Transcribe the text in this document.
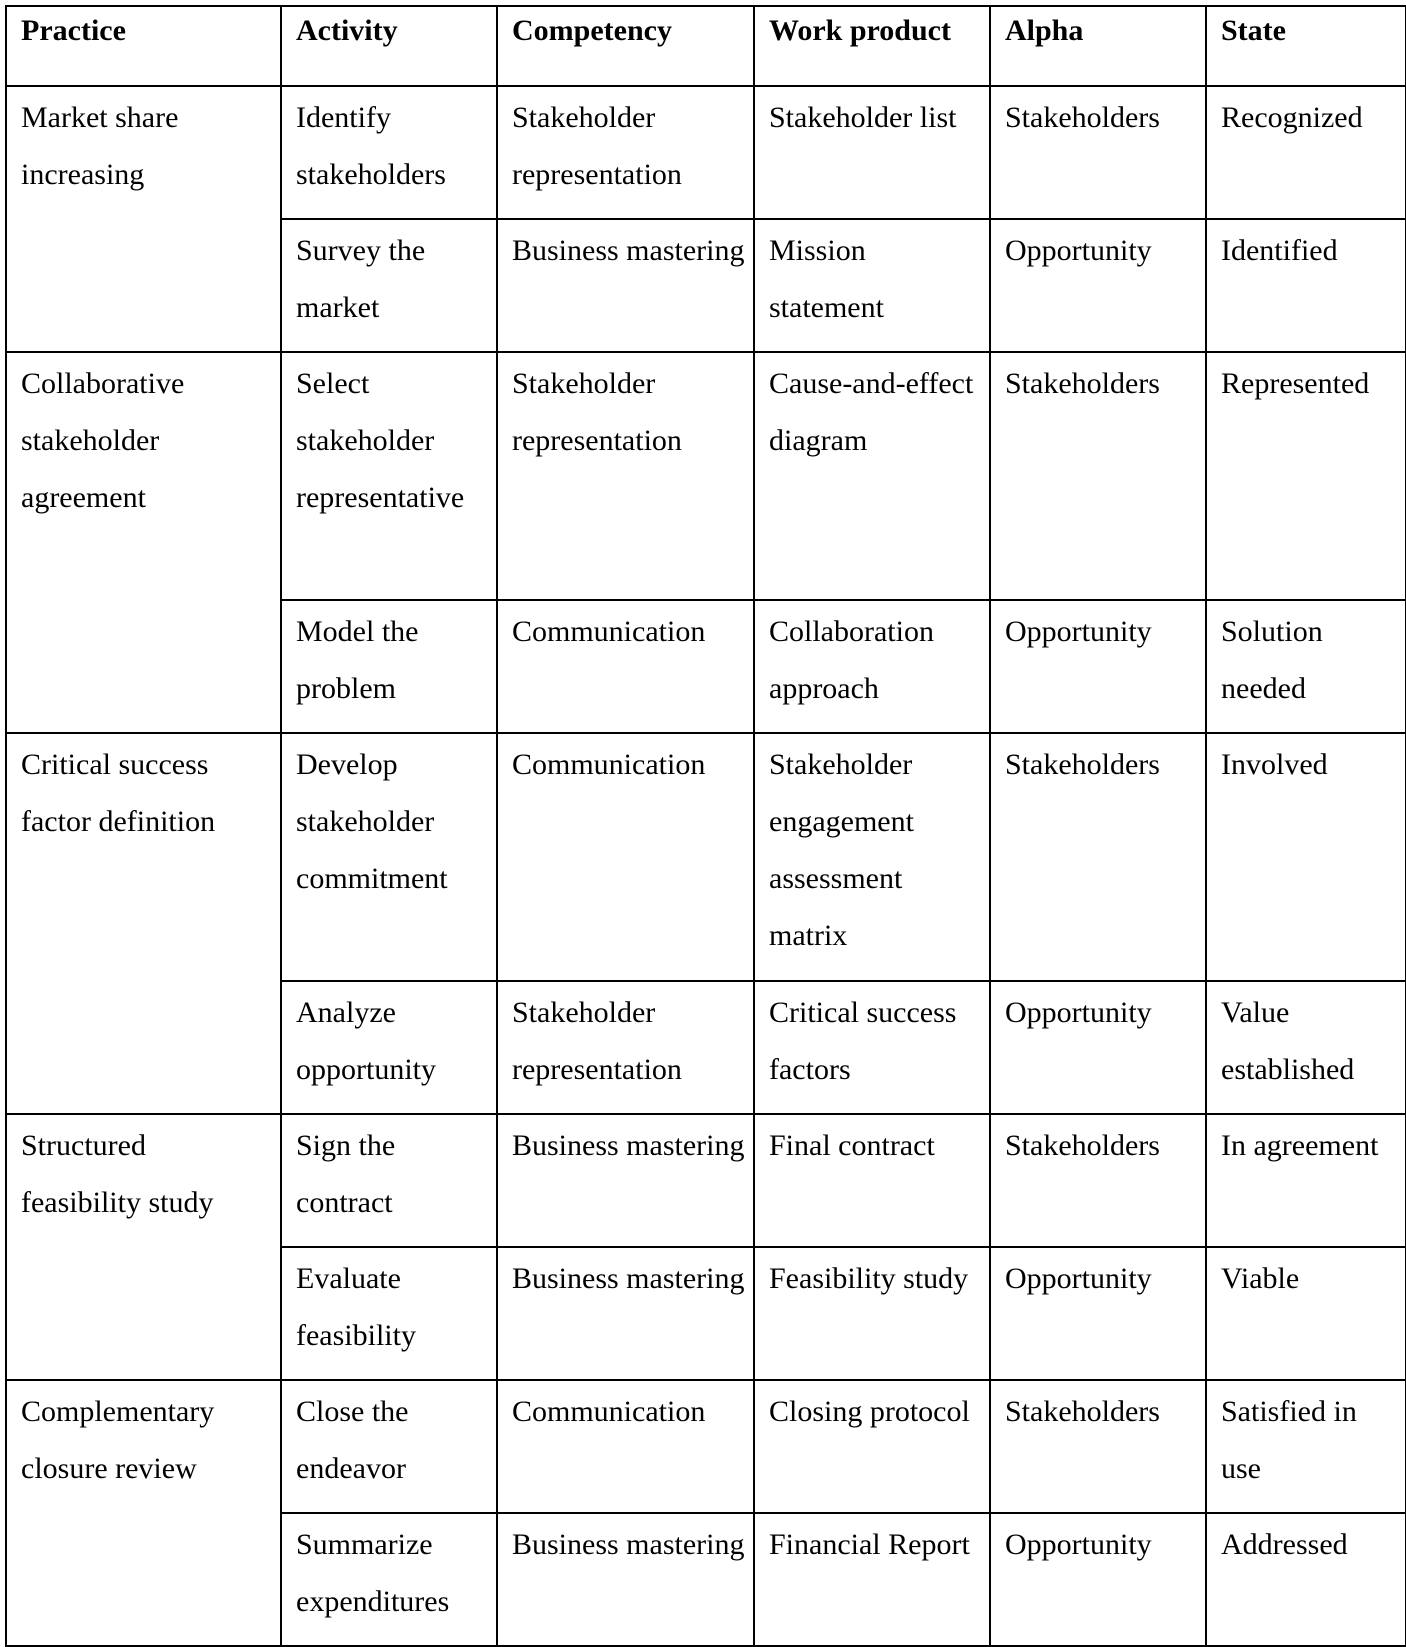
Practice	Activity	Competency	Work product	Alpha	State
Market share increasing	Identify stakeholders	Stakeholder representation	Stakeholder list	Stakeholders	Recognized
	Survey the market	Business mastering	Mission statement	Opportunity	Identified
Collaborative stakeholder agreement	Select stakeholder representative	Stakeholder representation	Cause-and-effect diagram	Stakeholders	Represented
	Model the problem	Communication	Collaboration approach	Opportunity	Solution needed
Critical success factor definition	Develop stakeholder commitment	Communication	Stakeholder engagement assessment matrix	Stakeholders	Involved
	Analyze opportunity	Stakeholder representation	Critical success factors	Opportunity	Value established
Structured feasibility study	Sign the contract	Business mastering	Final contract	Stakeholders	In agreement
	Evaluate feasibility	Business mastering	Feasibility study	Opportunity	Viable
Complementary closure review	Close the endeavor	Communication	Closing protocol	Stakeholders	Satisfied in use
	Summarize expenditures	Business mastering	Financial Report	Opportunity	Addressed
